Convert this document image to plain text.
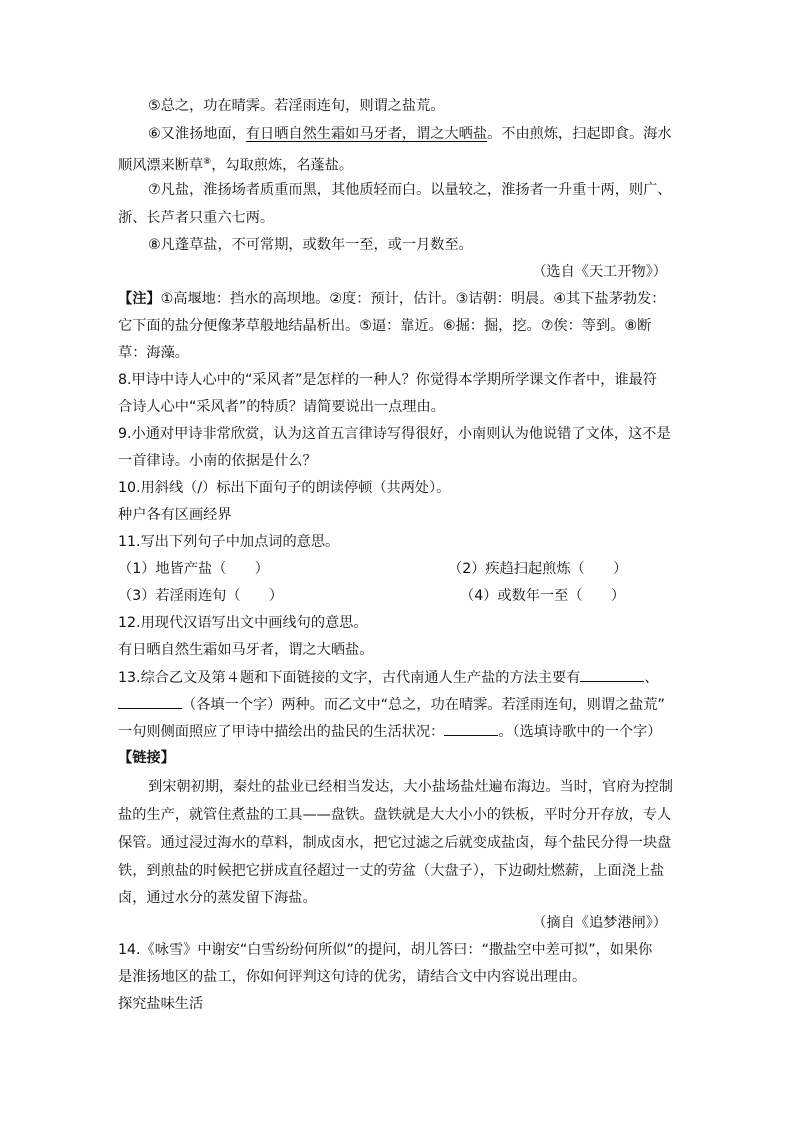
⑤总之，功在晴霁。若淫雨连旬，则谓之盐荒。
⑥又淮扬地面，有日晒自然生霜如马牙者，谓之大晒盐。不由煎炼，扫起即食。海水
顺风漂来断草⑧，勾取煎炼，名蓬盐。
⑦凡盐，淮扬场者质重而黑，其他质轻而白。以量较之，淮扬者一升重十两，则广、
浙、长芦者只重六七两。
⑧凡蓬草盐，不可常期，或数年一至，或一月数至。
（选自《天工开物》）
【注】①高堰地：挡水的高坝地。②度：预计，估计。③诘朝：明晨。④其下盐茅勃发：
它下面的盐分便像茅草般地结晶析出。⑤逼：靠近。⑥掘：掘，挖。⑦俟：等到。⑧断
草：海藻。
8.甲诗中诗人心中的“采风者”是怎样的一种人？你觉得本学期所学课文作者中，谁最符
合诗人心中“采风者”的特质？请简要说出一点理由。
9.小通对甲诗非常欣赏，认为这首五言律诗写得很好，小南则认为他说错了文体，这不是
一首律诗。小南的依据是什么？
10.用斜线（/）标出下面句子的朗读停顿（共两处）。
种户各有区画经界
11.写出下列句子中加点词的意思。
（1）地皆产盐（　　）	（2）疾趋扫起煎炼（　　）
（3）若淫雨连旬（　　）	（4）或数年一至（　　）
12.用现代汉语写出文中画线句的意思。
有日晒自然生霜如马牙者，谓之大晒盐。
13.综合乙文及第４题和下面链接的文字，古代南通人生产盐的方法主要有	、
（各填一个字）两种。而乙文中“总之，功在晴霁。若淫雨连旬，则谓之盐荒”
一句则侧面照应了甲诗中描绘出的盐民的生活状况：	。（选填诗歌中的一个字）
【链接】
到宋朝初期，秦灶的盐业已经相当发达，大小盐场盐灶遍布海边。当时，官府为控制
盐的生产，就管住煮盐的工具——盘铁。盘铁就是大大小小的铁板，平时分开存放，专人
保管。通过浸过海水的草料，制成卤水，把它过滤之后就变成盐卤，每个盐民分得一块盘
铁，到煎盐的时候把它拼成直径超过一丈的劳盆（大盘子），下边砌灶燃薪，上面浇上盐
卤，通过水分的蒸发留下海盐。
（摘自《追梦港闸》）
14.《咏雪》中谢安“白雪纷纷何所似”的提问，胡儿答曰：“撒盐空中差可拟”，如果你
是淮扬地区的盐工，你如何评判这句诗的优劣，请结合文中内容说出理由。
探究盐味生活
